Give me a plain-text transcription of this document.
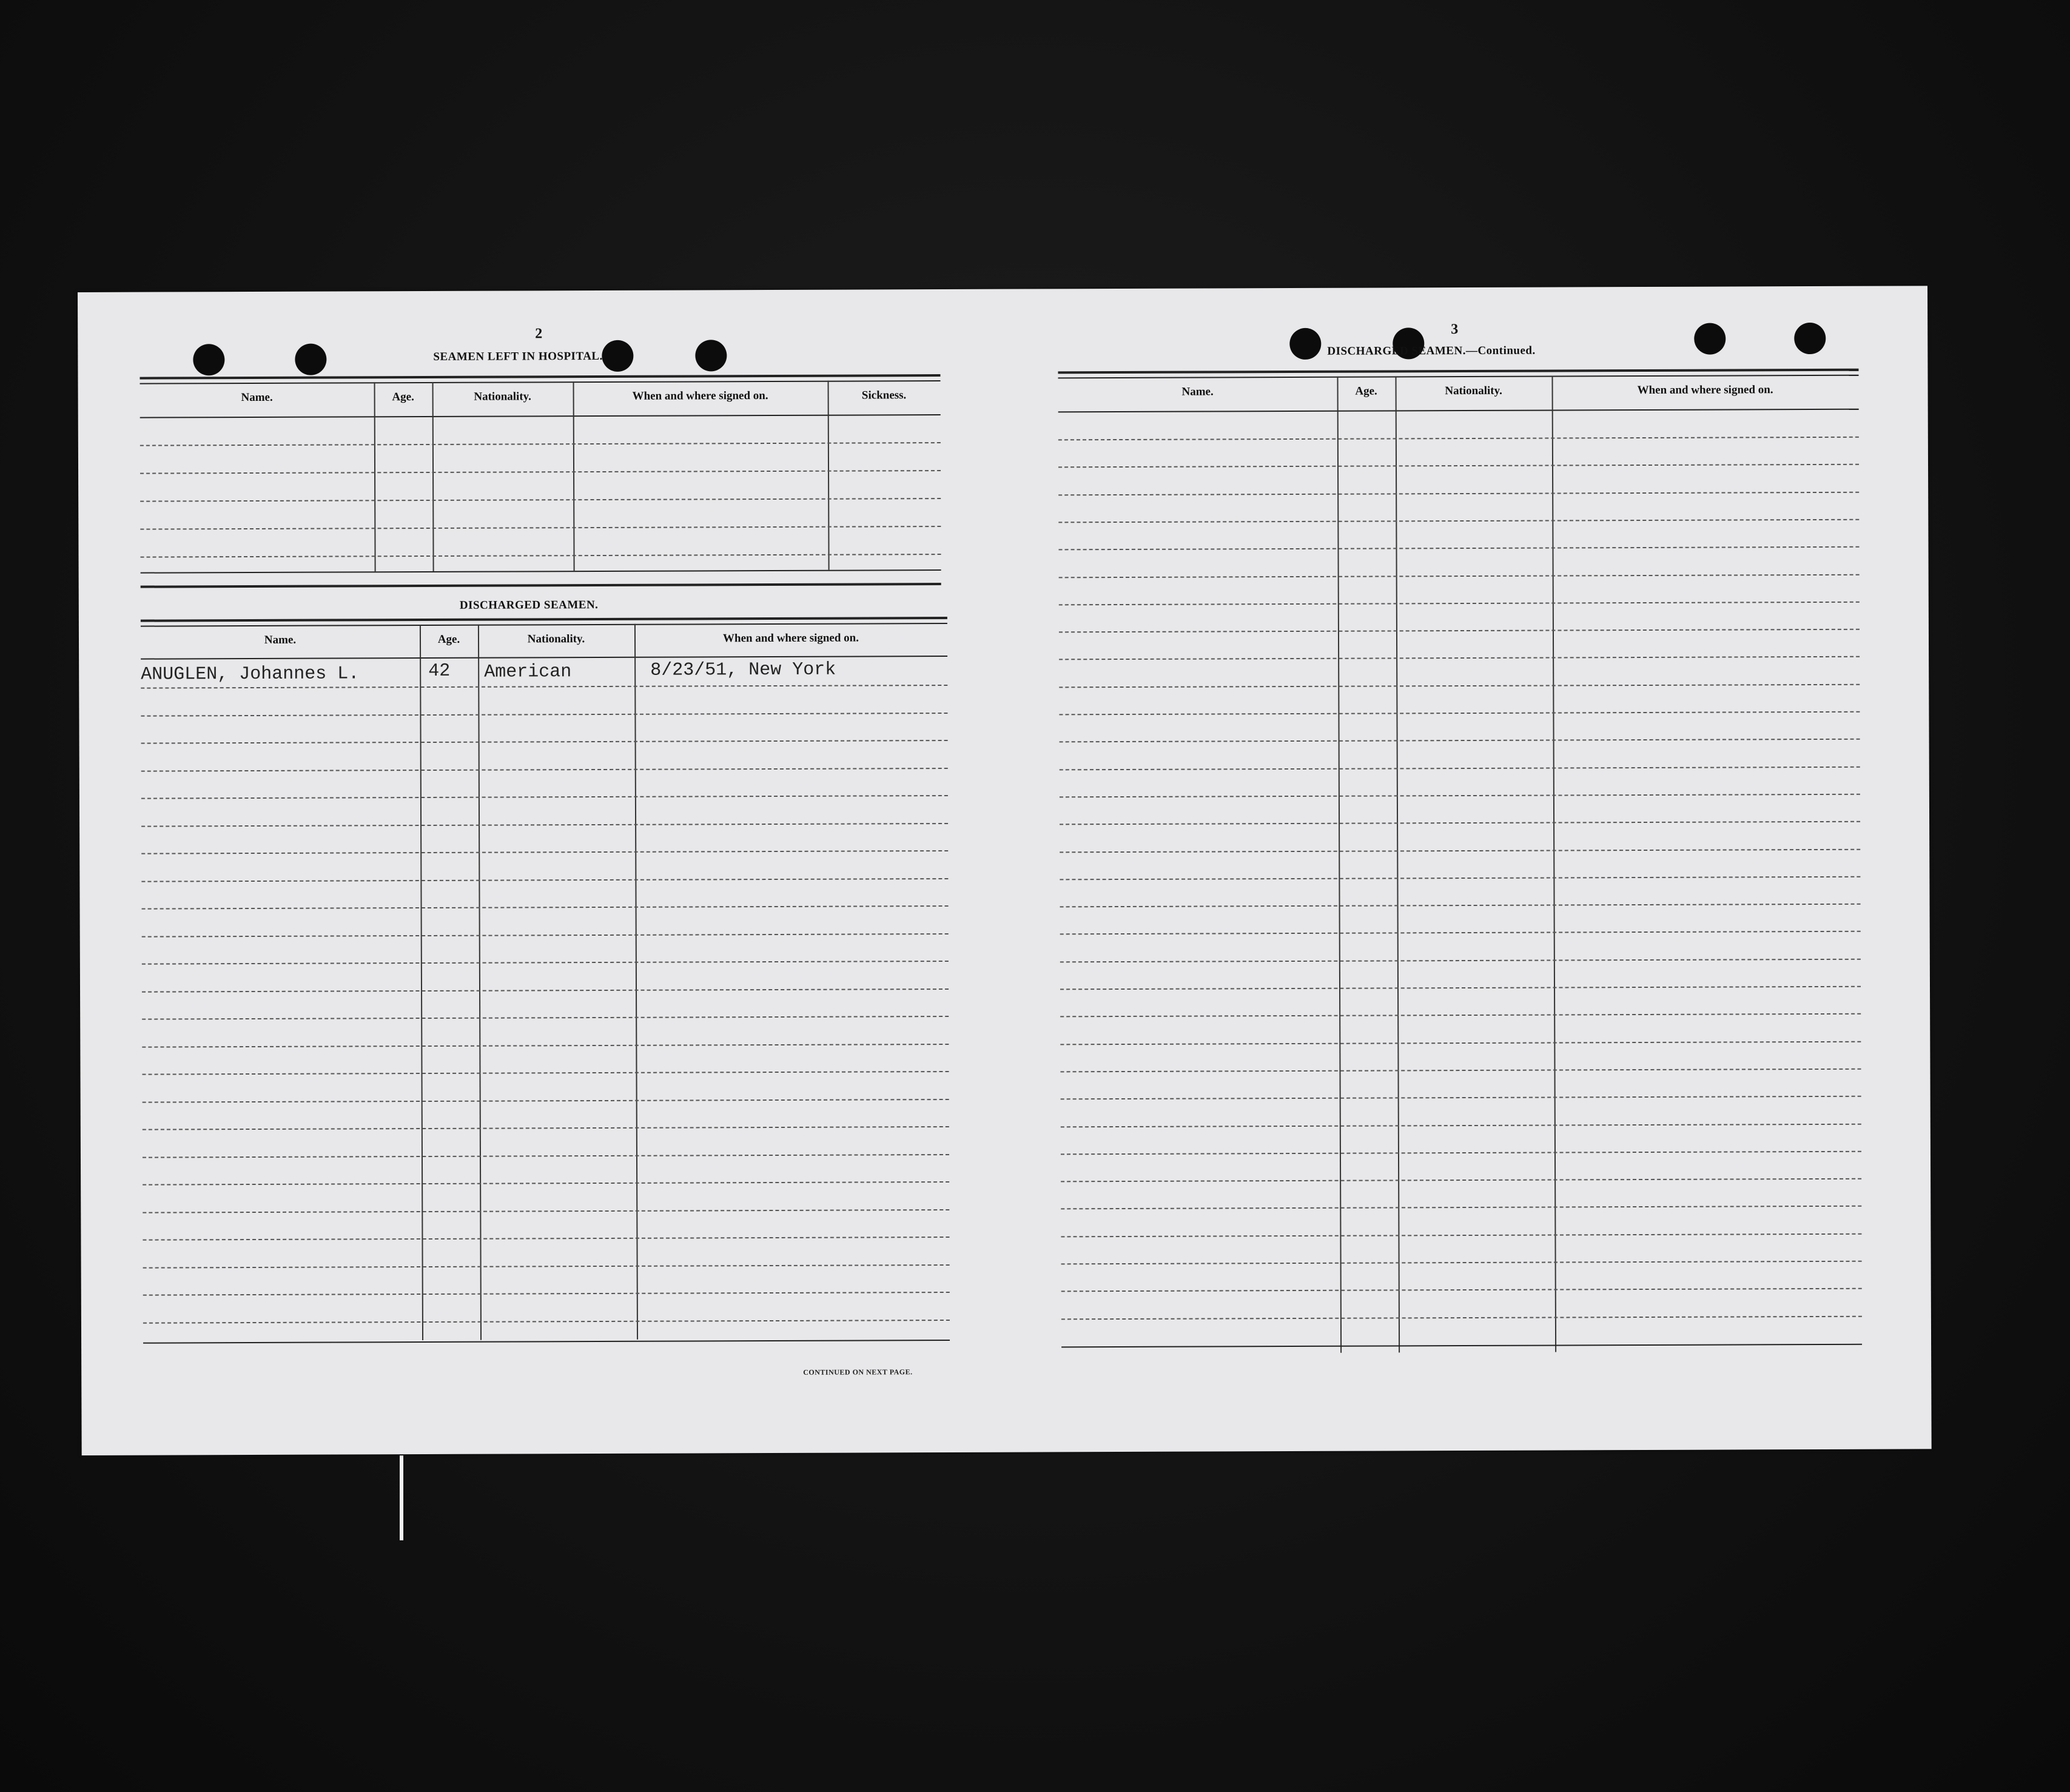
2
SEAMEN LEFT IN HOSPITAL.
Name.	Age.	Nationality.	When and where signed on.	Sickness.
DISCHARGED SEAMEN.
Name.	Age.	Nationality.	When and where signed on.
ANUGLEN, Johannes L.	42 American	8/23/51, New York
CONTINUED ON NEXT PAGE.
3
DISCHARGED SEAMEN.—Continued.
Name.	Age.	Nationality.	When and where signed on.
